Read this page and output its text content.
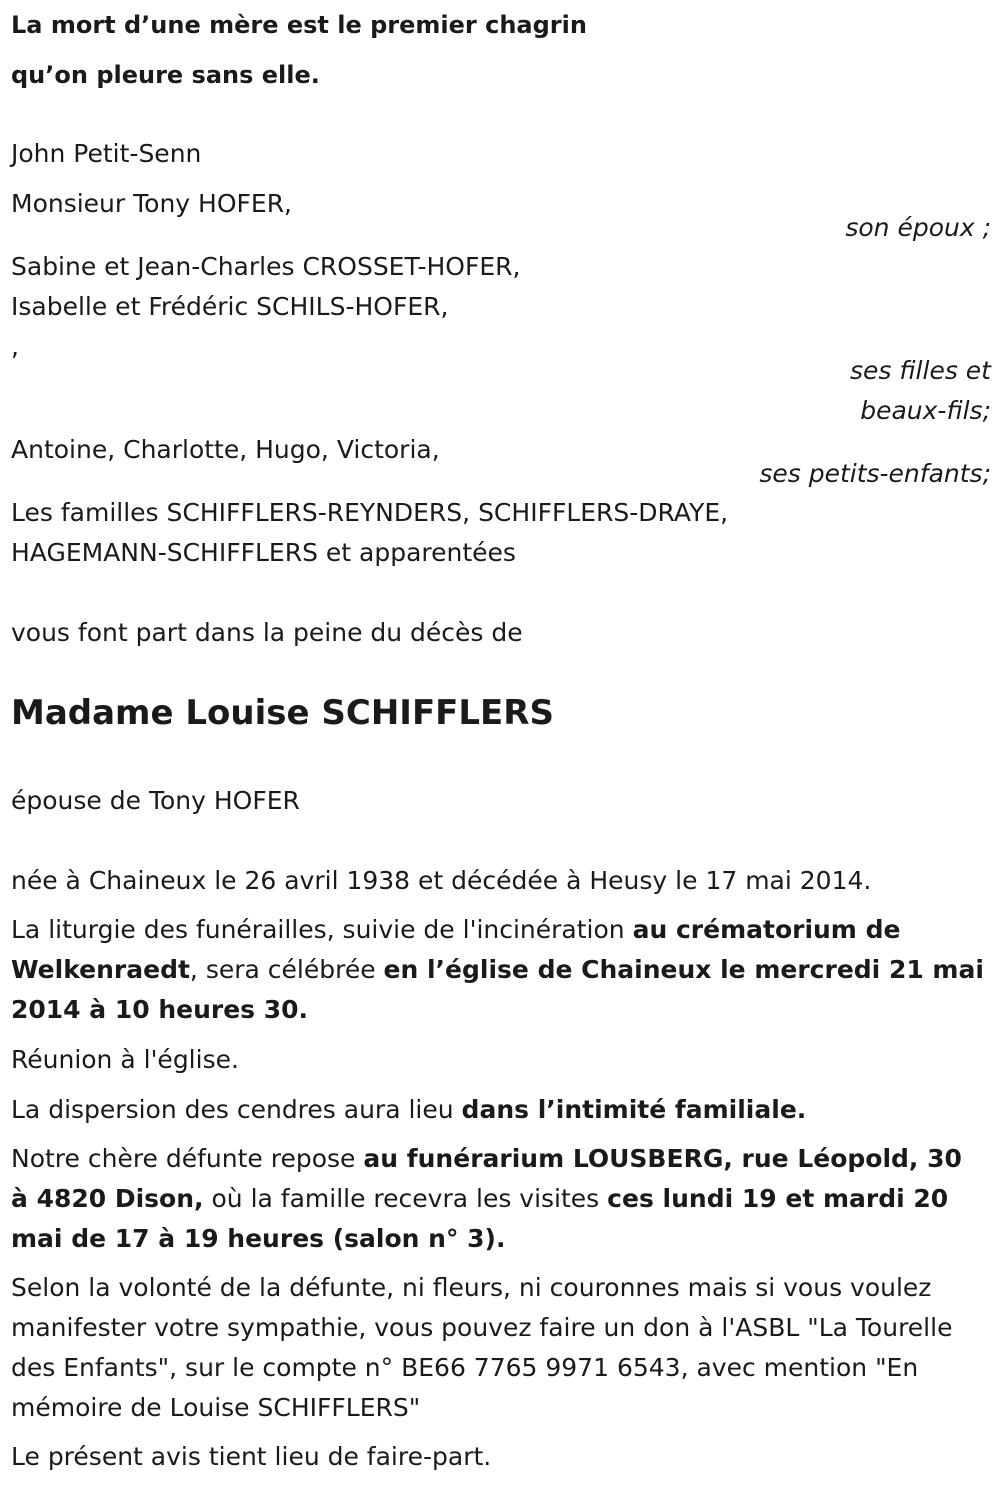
La mort d’une mère est le premier chagrin
qu’on pleure sans elle.
John Petit-Senn
Monsieur Tony HOFER,
son époux ;
Sabine et Jean-Charles CROSSET-HOFER,
Isabelle et Frédéric SCHILS-HOFER,
,
ses filles et
beaux-fils;
Antoine, Charlotte, Hugo, Victoria,
ses petits-enfants;
Les familles SCHIFFLERS-REYNDERS, SCHIFFLERS-DRAYE,
HAGEMANN-SCHIFFLERS et apparentées
vous font part dans la peine du décès de
Madame Louise SCHIFFLERS
épouse de Tony HOFER
née à Chaineux le 26 avril 1938 et décédée à Heusy le 17 mai 2014.
La liturgie des funérailles, suivie de l'incinération au crématorium de Welkenraedt, sera célébrée en l’église de Chaineux le mercredi 21 mai 2014 à 10 heures 30.
Réunion à l'église.
La dispersion des cendres aura lieu dans l’intimité familiale.
Notre chère défunte repose au funérarium LOUSBERG, rue Léopold, 30 à 4820 Dison, où la famille recevra les visites ces lundi 19 et mardi 20 mai de 17 à 19 heures (salon n° 3).
Selon la volonté de la défunte, ni fleurs, ni couronnes mais si vous voulez manifester votre sympathie, vous pouvez faire un don à l'ASBL "La Tourelle des Enfants", sur le compte n° BE66 7765 9971 6543, avec mention "En mémoire de Louise SCHIFFLERS"
Le présent avis tient lieu de faire-part.
